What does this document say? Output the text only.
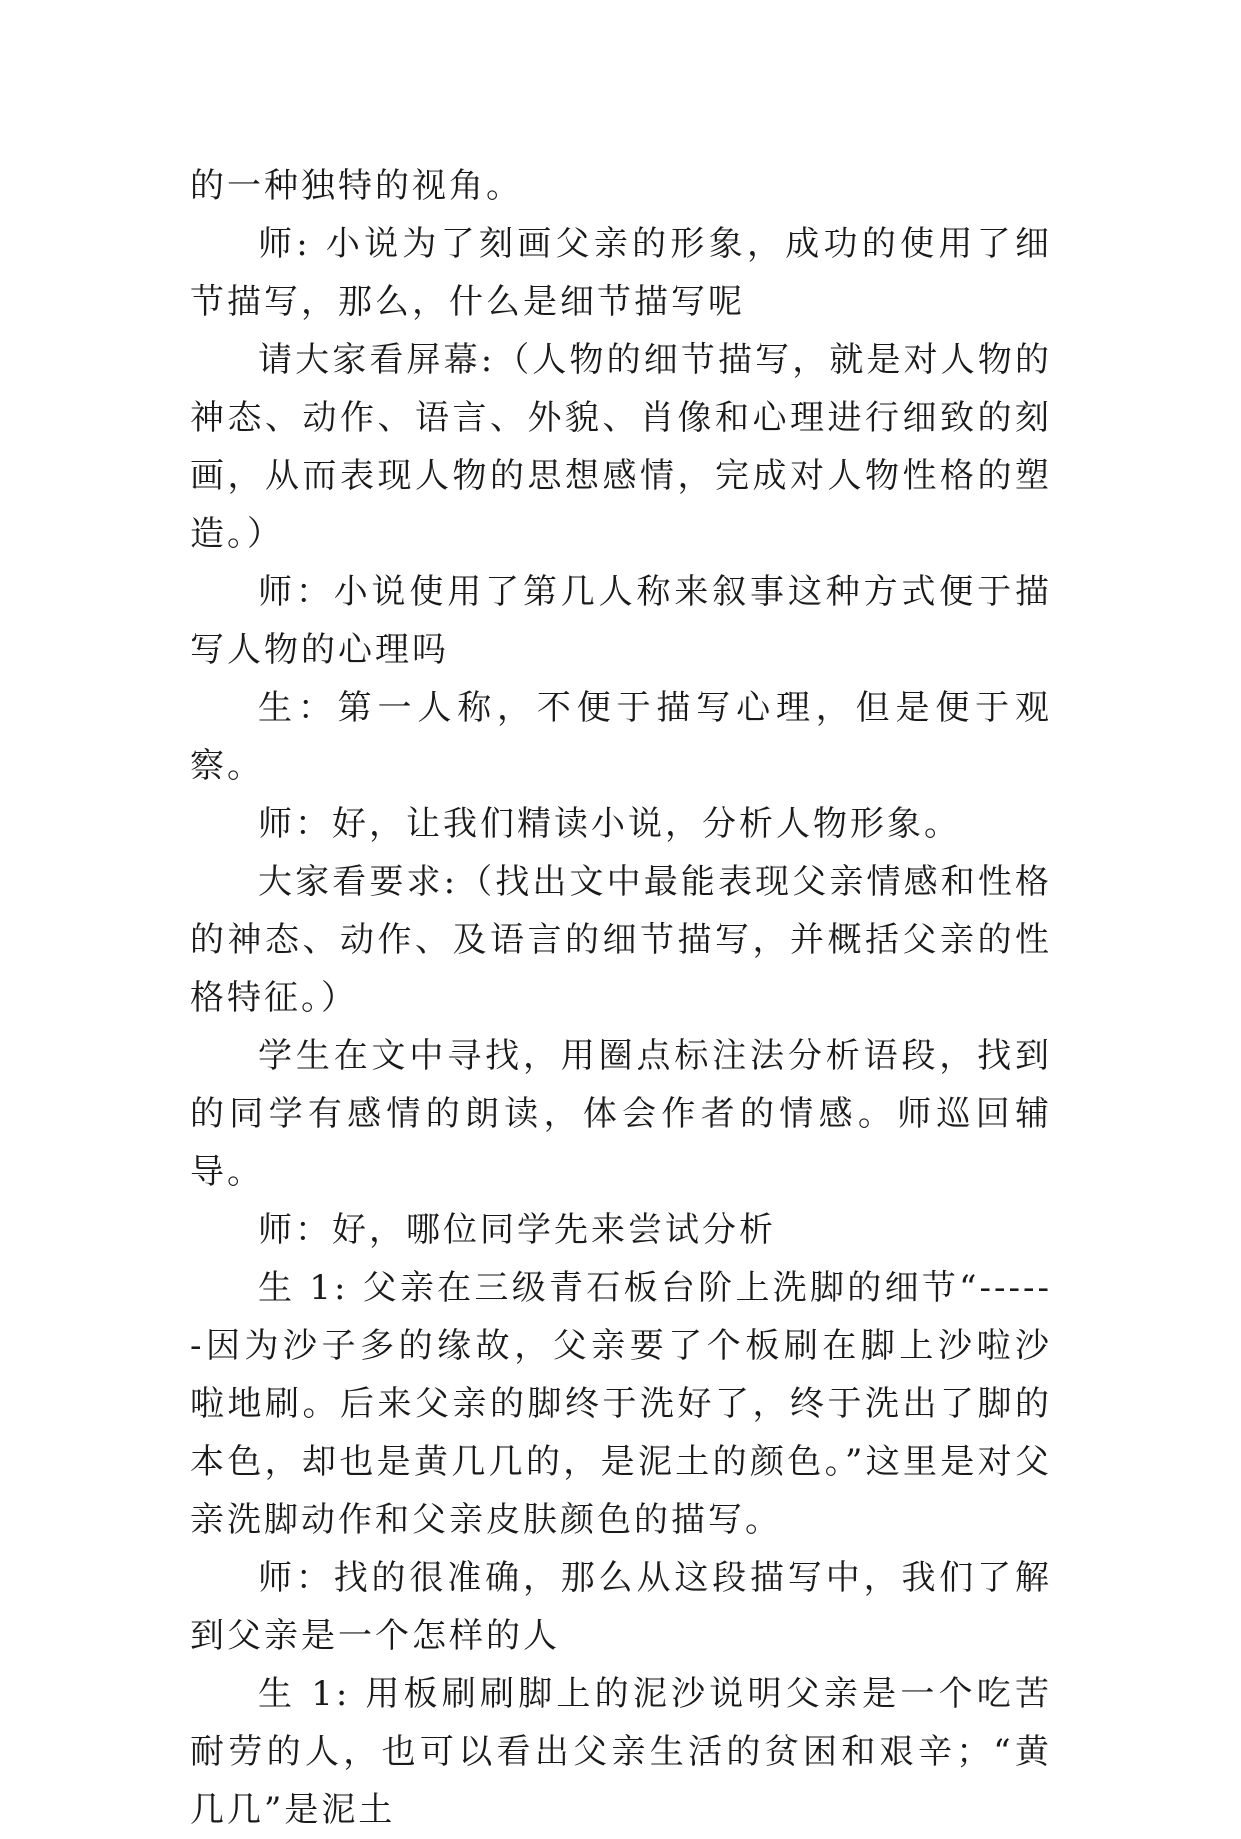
的一种独特的视角。

师: 小说为了刻画父亲的形象，成功的使用了细节描写，那么，什么是细节描写呢

请大家看屏幕:（人物的细节描写，就是对人物的神态、动作、语言、外貌、肖像和心理进行细致的刻画，从而表现人物的思想感情，完成对人物性格的塑造。）

师：小说使用了第几人称来叙事这种方式便于描写人物的心理吗

生：第一人称，不便于描写心理，但是便于观察。

师：好，让我们精读小说，分析人物形象。

大家看要求:（找出文中最能表现父亲情感和性格的神态、动作、及语言的细节描写，并概括父亲的性格特征。）

学生在文中寻找，用圈点标注法分析语段，找到的同学有感情的朗读，体会作者的情感。师巡回辅导。

师：好，哪位同学先来尝试分析

生 1: 父亲在三级青石板台阶上洗脚的细节“------因为沙子多的缘故，父亲要了个板刷在脚上沙啦沙啦地刷。后来父亲的脚终于洗好了，终于洗出了脚的本色，却也是黄几几的，是泥土的颜色。”这里是对父亲洗脚动作和父亲皮肤颜色的描写。

师：找的很准确，那么从这段描写中，我们了解到父亲是一个怎样的人

生 1: 用板刷刷脚上的泥沙说明父亲是一个吃苦耐劳的人，也可以看出父亲生活的贫困和艰辛；“黄几几”是泥土
